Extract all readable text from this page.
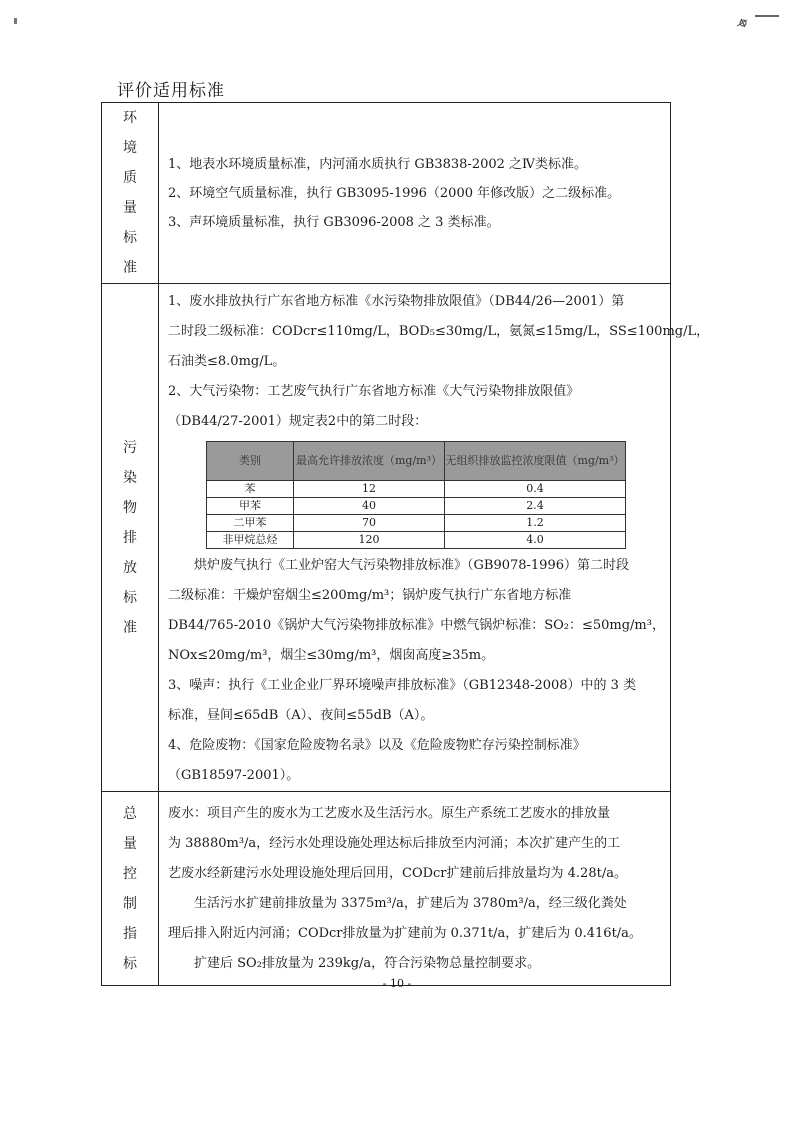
评价适用标准
环
境
质
量
标
准

1、地表水环境质量标准，内河涌水质执行 GB3838-2002 之Ⅳ类标准。

2、环境空气质量标准，执行 GB3095-1996（2000 年修改版）之二级标准。

3、声环境质量标准，执行 GB3096-2008 之 3 类标准。

污
染
物
排
放
标
准

1、废水排放执行广东省地方标准《水污染物排放限值》（DB44/26—2001）第

二时段二级标准：CODcr≤110mg/L，BOD₅≤30mg/L，氨氮≤15mg/L，SS≤100mg/L，

石油类≤8.0mg/L。

2、大气污染物：工艺废气执行广东省地方标准《大气污染物排放限值》

（DB44/27-2001）规定表2中的第二时段：

类别	最高允许排放浓度（mg/m³）	无组织排放监控浓度限值（mg/m³）
苯	12	0.4
甲苯	40	2.4
二甲苯	70	1.2
非甲烷总烃	120	4.0

烘炉废气执行《工业炉窑大气污染物排放标准》（GB9078-1996）第二时段

二级标准：干燥炉窑烟尘≤200mg/m³；锅炉废气执行广东省地方标准

DB44/765-2010《锅炉大气污染物排放标准》中燃气锅炉标准：SO₂：≤50mg/m³，

NOx≤20mg/m³，烟尘≤30mg/m³，烟囱高度≥35m。

3、噪声：执行《工业企业厂界环境噪声排放标准》（GB12348-2008）中的 3 类

标准，昼间≤65dB（A）、夜间≤55dB（A）。

4、危险废物：《国家危险废物名录》以及《危险废物贮存污染控制标准》

（GB18597-2001）。

总
量
控
制
指
标

废水：项目产生的废水为工艺废水及生活污水。原生产系统工艺废水的排放量

为 38880m³/a，经污水处理设施处理达标后排放至内河涌；本次扩建产生的工

艺废水经新建污水处理设施处理后回用，CODcr扩建前后排放量均为 4.28t/a。

生活污水扩建前排放量为 3375m³/a，扩建后为 3780m³/a，经三级化粪处

理后排入附近内河涌；CODcr排放量为扩建前为 0.371t/a，扩建后为 0.416t/a。

扩建后 SO₂排放量为 239kg/a，符合污染物总量控制要求。

- 10 -
